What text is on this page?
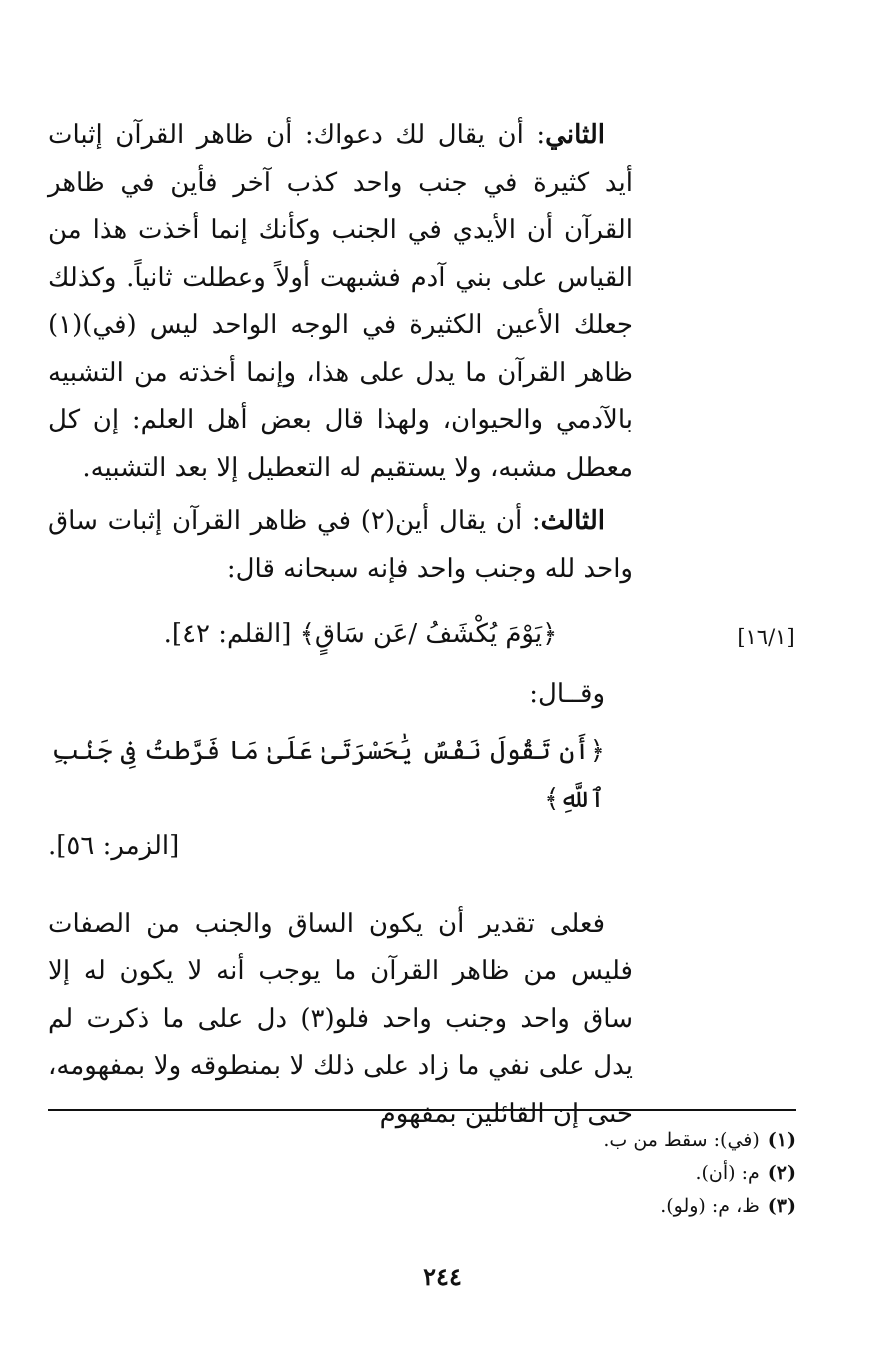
[١٦/١]

الثاني: أن يقال لك دعواك: أن ظاهر القرآن إثبات أيد كثيرة في جنب واحد كذب آخر فأين في ظاهر القرآن أن الأيدي في الجنب وكأنك إنما أخذت هذا من القياس على بني آدم فشبهت أولاً وعطلت ثانياً. وكذلك جعلك الأعين الكثيرة في الوجه الواحد ليس (في)(١) ظاهر القرآن ما يدل على هذا، وإنما أخذته من التشبيه بالآدمي والحيوان، ولهذا قال بعض أهل العلم: إن كل معطل مشبه، ولا يستقيم له التعطيل إلا بعد التشبيه.

الثالث: أن يقال أين(٢) في ظاهر القرآن إثبات ساق واحد لله وجنب واحد فإنه سبحانه قال:

﴿يَوْمَ يُكْشَفُ /عَن سَاقٍ﴾ [القلم: ٤٢].

وقــال:

﴿أَن تَقُولَ نَفْسٌ يَٰحَسْرَتَىٰ عَلَىٰ مَا فَرَّطتُ فِى جَنۢبِ ٱللَّهِ﴾

[الزمر: ٥٦].

فعلى تقدير أن يكون الساق والجنب من الصفات فليس من ظاهر القرآن ما يوجب أنه لا يكون له إلا ساق واحد وجنب واحد فلو(٣) دل على ما ذكرت لم يدل على نفي ما زاد على ذلك لا بمنطوقه ولا بمفهومه، حتى إن القائلين بمفهوم

(١)(في): سقط من ب.

(٢)م: (أن).

(٣)ظ، م: (ولو).

٢٤٤
